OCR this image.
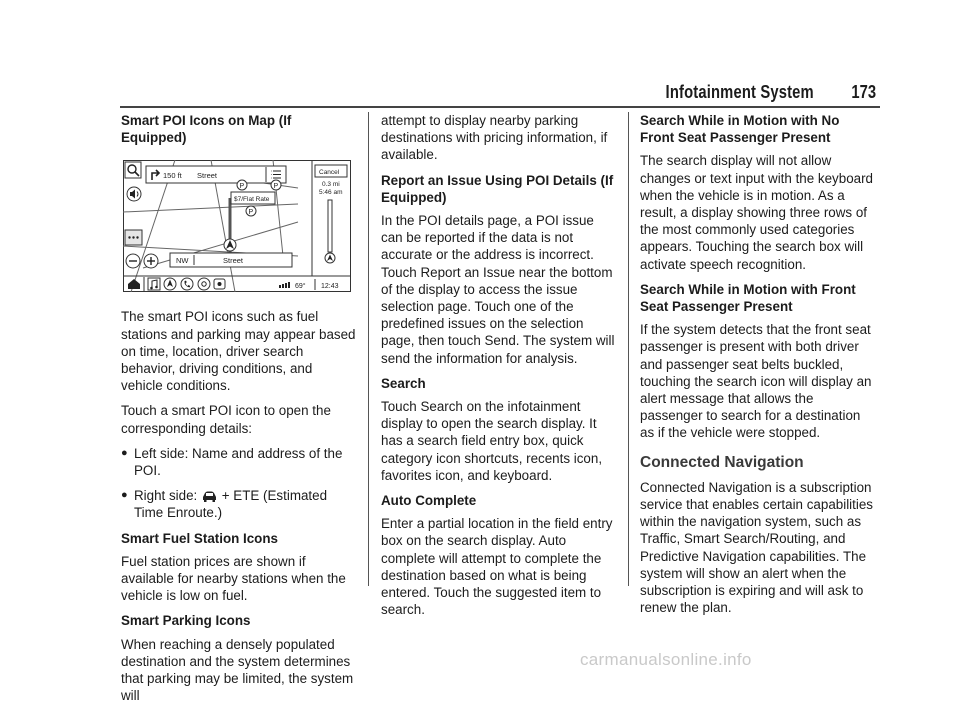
Infotainment System 173

Smart POI Icons on Map (If Equipped)

150 ft Street
NW	Street
P	P
P
$7/Flat Rate
Cancel
0.3 mi
5:46 am
69° 12:43

The smart POI icons such as fuel stations and parking may appear based on time, location, driver search behavior, driving conditions, and vehicle conditions.

Touch a smart POI icon to open the corresponding details:

● Left side: Name and address of the POI.
● Right side: + ETE (Estimated Time Enroute.)

Smart Fuel Station Icons

Fuel station prices are shown if available for nearby stations when the vehicle is low on fuel.

Smart Parking Icons

When reaching a densely populated destination and the system determines that parking may be limited, the system will

attempt to display nearby parking destinations with pricing information, if available.

Report an Issue Using POI Details (If Equipped)

In the POI details page, a POI issue can be reported if the data is not accurate or the address is incorrect. Touch Report an Issue near the bottom of the display to access the issue selection page. Touch one of the predefined issues on the selection page, then touch Send. The system will send the information for analysis.

Search

Touch Search on the infotainment display to open the search display. It has a search field entry box, quick category icon shortcuts, recents icon, favorites icon, and keyboard.

Auto Complete

Enter a partial location in the field entry box on the search display. Auto complete will attempt to complete the destination based on what is being entered. Touch the suggested item to search.

Search While in Motion with No Front Seat Passenger Present

The search display will not allow changes or text input with the keyboard when the vehicle is in motion. As a result, a display showing three rows of the most commonly used categories appears. Touching the search box will activate speech recognition.

Search While in Motion with Front Seat Passenger Present

If the system detects that the front seat passenger is present with both driver and passenger seat belts buckled, touching the search icon will display an alert message that allows the passenger to search for a destination as if the vehicle were stopped.

Connected Navigation

Connected Navigation is a subscription service that enables certain capabilities within the navigation system, such as Traffic, Smart Search/Routing, and Predictive Navigation capabilities. The system will show an alert when the subscription is expiring and will ask to renew the plan.

carmanualsonline.info
